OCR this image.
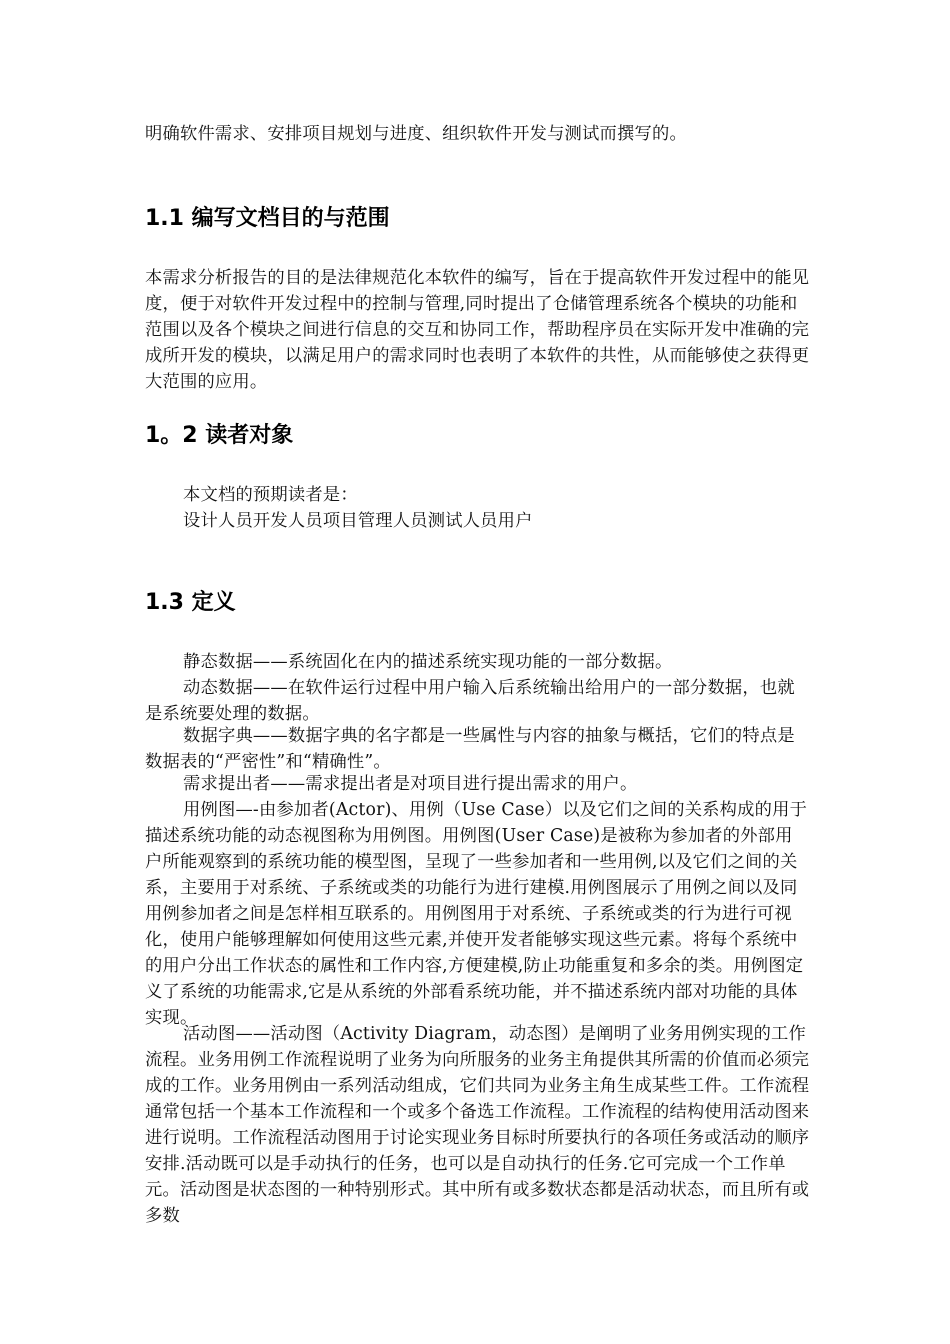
明确软件需求、安排项目规划与进度、组织软件开发与测试而撰写的。

1.1 编写文档目的与范围

本需求分析报告的目的是法律规范化本软件的编写，旨在于提高软件开发过程中的能见度，便于对软件开发过程中的控制与管理,同时提出了仓储管理系统各个模块的功能和范围以及各个模块之间进行信息的交互和协同工作，帮助程序员在实际开发中准确的完成所开发的模块，以满足用户的需求同时也表明了本软件的共性，从而能够使之获得更大范围的应用。

1。2 读者对象

本文档的预期读者是：

设计人员开发人员项目管理人员测试人员用户

1.3 定义

静态数据——系统固化在内的描述系统实现功能的一部分数据。

动态数据——在软件运行过程中用户输入后系统输出给用户的一部分数据，也就是系统要处理的数据。

数据字典——数据字典的名字都是一些属性与内容的抽象与概括，它们的特点是数据表的“严密性”和“精确性”。

需求提出者——需求提出者是对项目进行提出需求的用户。

用例图—-由参加者(Actor)、用例（Use Case）以及它们之间的关系构成的用于描述系统功能的动态视图称为用例图。用例图(User Case)是被称为参加者的外部用户所能观察到的系统功能的模型图，呈现了一些参加者和一些用例,以及它们之间的关系，主要用于对系统、子系统或类的功能行为进行建模.用例图展示了用例之间以及同用例参加者之间是怎样相互联系的。用例图用于对系统、子系统或类的行为进行可视化，使用户能够理解如何使用这些元素,并使开发者能够实现这些元素。将每个系统中的用户分出工作状态的属性和工作内容,方便建模,防止功能重复和多余的类。用例图定义了系统的功能需求,它是从系统的外部看系统功能，并不描述系统内部对功能的具体实现。

活动图——活动图（Activity Diagram，动态图）是阐明了业务用例实现的工作流程。业务用例工作流程说明了业务为向所服务的业务主角提供其所需的价值而必须完成的工作。业务用例由一系列活动组成，它们共同为业务主角生成某些工件。工作流程通常包括一个基本工作流程和一个或多个备选工作流程。工作流程的结构使用活动图来进行说明。工作流程活动图用于讨论实现业务目标时所要执行的各项任务或活动的顺序安排.活动既可以是手动执行的任务，也可以是自动执行的任务.它可完成一个工作单元。活动图是状态图的一种特别形式。其中所有或多数状态都是活动状态，而且所有或多数
